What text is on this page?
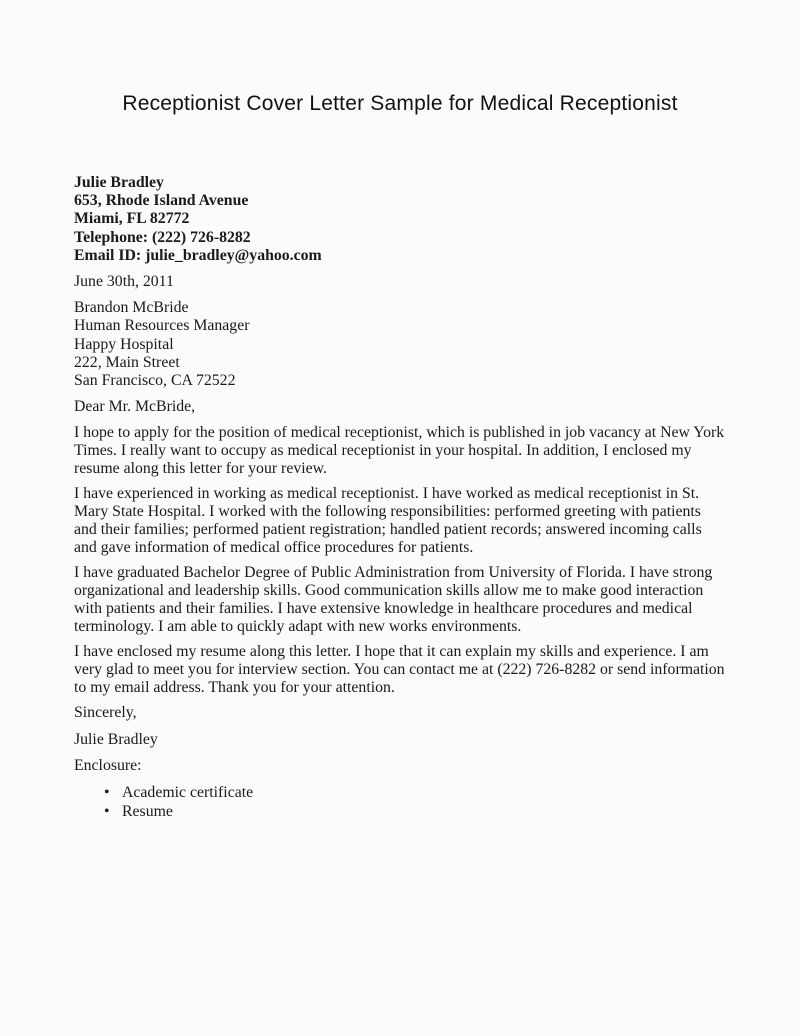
Receptionist Cover Letter Sample for Medical Receptionist

Julie Bradley

653, Rhode Island Avenue

Miami, FL 82772

Telephone: (222) 726-8282

Email ID: julie_bradley@yahoo.com

June 30th, 2011

Brandon McBride

Human Resources Manager

Happy Hospital

222, Main Street

San Francisco, CA 72522

Dear Mr. McBride,

I hope to apply for the position of medical receptionist, which is published in job vacancy at New York Times. I really want to occupy as medical receptionist in your hospital. In addition, I enclosed my resume along this letter for your review.

I have experienced in working as medical receptionist. I have worked as medical receptionist in St. Mary State Hospital. I worked with the following responsibilities: performed greeting with patients and their families; performed patient registration; handled patient records; answered incoming calls and gave information of medical office procedures for patients.

I have graduated Bachelor Degree of Public Administration from University of Florida. I have strong organizational and leadership skills. Good communication skills allow me to make good interaction with patients and their families. I have extensive knowledge in healthcare procedures and medical terminology. I am able to quickly adapt with new works environments.

I have enclosed my resume along this letter. I hope that it can explain my skills and experience. I am very glad to meet you for interview section. You can contact me at (222) 726-8282 or send information to my email address. Thank you for your attention.

Sincerely,

Julie Bradley

Enclosure:

• Academic certificate
• Resume
